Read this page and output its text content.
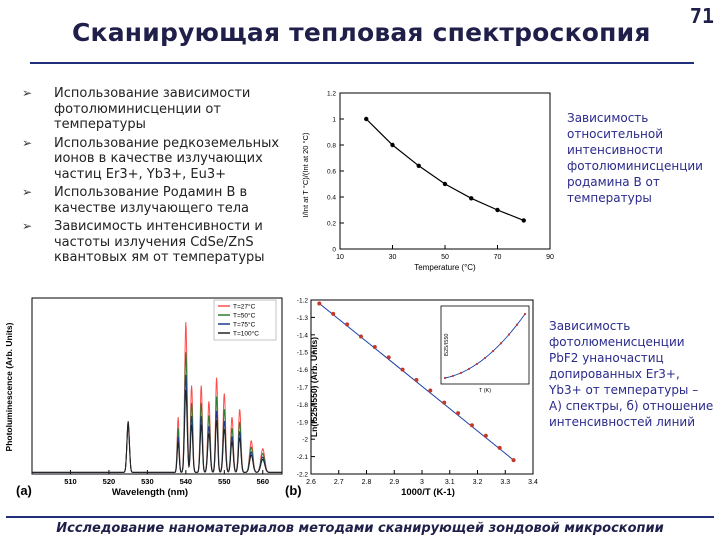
71
Сканирующая тепловая спектроскопия
➢ Использование зависимости фотолюминисценции от температуры
➢ Использование редкоземельных ионов в качестве излучающих частиц Er3+, Yb3+, Eu3+
➢ Использование Родамин В в качестве излучающего тела
➢ Зависимость интенсивности и частоты излучения CdSe/ZnS квантовых ям от температуры	10	30	50	70	90
0
0.2
0.4
0.6
0.8
1
1.2
Temperature (°C)
I/Int at T °C)/(Int at 20 °C)
Зависимость относительной интенсивности фотолюминисценции родамина В от температуры
510	520	530	540	550	560
T=27°C
T=50°C
T=75°C
T=100°C
(a)	Wavelength (nm)
Photoluminescence (Arb. Units)
2.6	2.7	2.8	2.9	3	3.1	3.2	3.3	3.4
-1.2
-1.3
-1.4
-1.5
-1.6
-1.7
-1.8
-1.9
-2
-2.1
-2.2
T (K)
I525/I550
(b)	1000/T (K-1)
Ln(I525/I550) (Arb. Units)
Зависимость фотолюменисценции PbF2 унаночастиц допированных Er3+, Yb3+ от температуры – А) спектры, б) отношение интенсивностей линий
Исследование наноматериалов методами сканирующей зондовой микроскопии
